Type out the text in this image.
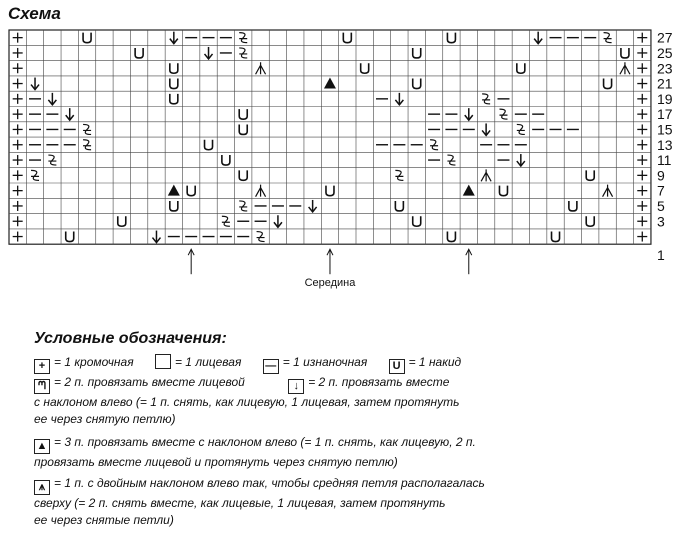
Схема
27
25
23
21
19
17
15
13
11
9
7
5
3
1
Середина
Условные обозначения:
+ = 1 кромочная	= 1 лицевая — = 1 изнаночная U = 1 накид
ᘉ = 2 п. провязать вместе лицевой	↓ = 2 п. провязать вместе
с наклоном влево (= 1 п. снять, как лицевую, 1 лицевая, затем протянуть
ее через снятую петлю)
▲ = 3 п. провязать вместе с наклоном влево (= 1 п. снять, как лицевую, 2 п.
провязать вместе лицевой и протянуть через снятую петлю)
⩚ = 1 п. с двойным наклоном влево так, чтобы средняя петля располагалась
сверху (= 2 п. снять вместе, как лицевые, 1 лицевая, затем протянуть
ее через снятые петли)
